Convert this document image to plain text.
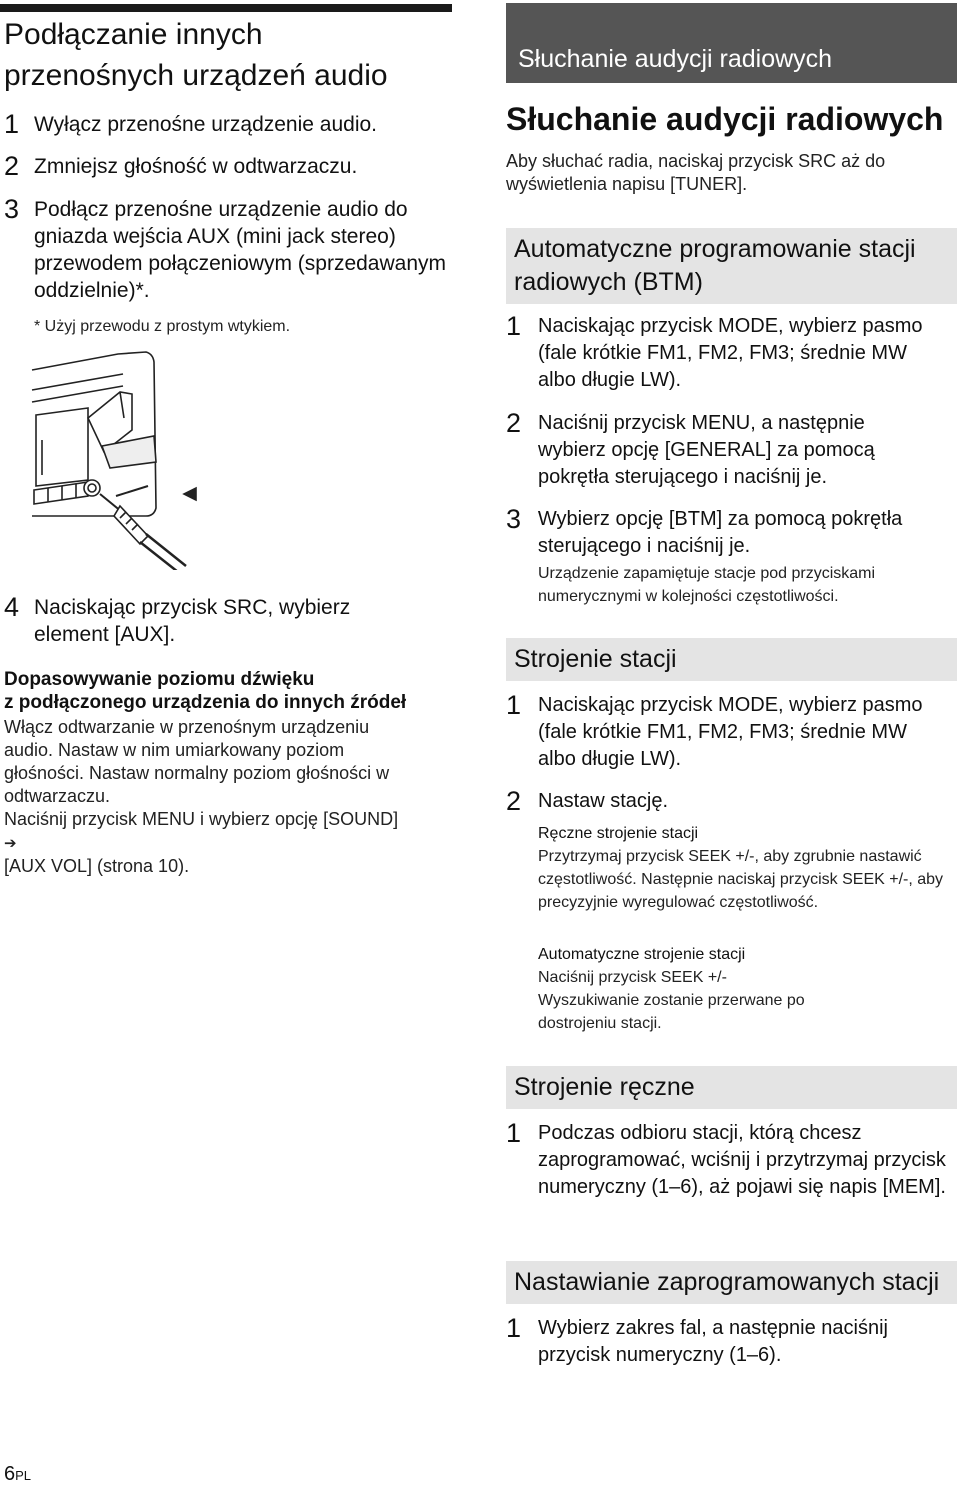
Podłączanie innych
przenośnych urządzeń audio
1 Wyłącz przenośne urządzenie audio.
2 Zmniejsz głośność w odtwarzaczu.
3 Podłącz przenośne urządzenie audio do gniazda wejścia AUX (mini jack stereo) przewodem połączeniowym (sprzedawanym oddzielnie)*.
* Użyj przewodu z prostym wtykiem.
4 Naciskając przycisk SRC, wybierz element [AUX].
Dopasowywanie poziomu dźwięku
z podłączonego urządzenia do innych źródeł
Włącz odtwarzanie w przenośnym urządzeniu audio. Nastaw w nim umiarkowany poziom głośności. Nastaw normalny poziom głośności w odtwarzaczu.
Naciśnij przycisk MENU i wybierz opcję [SOUND] ➔
[AUX VOL] (strona 10).
Słuchanie audycji radiowych
Słuchanie audycji radiowych
Aby słuchać radia, naciskaj przycisk SRC aż do wyświetlenia napisu [TUNER].
Automatyczne programowanie stacji
radiowych (BTM)
1 Naciskając przycisk MODE, wybierz pasmo (fale krótkie FM1, FM2, FM3; średnie MW albo długie LW).
2 Naciśnij przycisk MENU, a następnie wybierz opcję [GENERAL] za pomocą pokrętła sterującego i naciśnij je.
3 Wybierz opcję [BTM] za pomocą pokrętła sterującego i naciśnij je.
Urządzenie zapamiętuje stacje pod przyciskami numerycznymi w kolejności częstotliwości.
Strojenie stacji
1 Naciskając przycisk MODE, wybierz pasmo (fale krótkie FM1, FM2, FM3; średnie MW albo długie LW).
2 Nastaw stację.
Ręczne strojenie stacji
Przytrzymaj przycisk SEEK +/-, aby zgrubnie nastawić częstotliwość. Następnie naciskaj przycisk SEEK +/-, aby precyzyjnie wyregulować częstotliwość.
Automatyczne strojenie stacji
Naciśnij przycisk SEEK +/-
Wyszukiwanie zostanie przerwane po dostrojeniu stacji.
Strojenie ręczne
1 Podczas odbioru stacji, którą chcesz zaprogramować, wciśnij i przytrzymaj przycisk numeryczny (1–6), aż pojawi się napis [MEM].
Nastawianie zaprogramowanych stacji
1 Wybierz zakres fal, a następnie naciśnij przycisk numeryczny (1–6).
6PL
